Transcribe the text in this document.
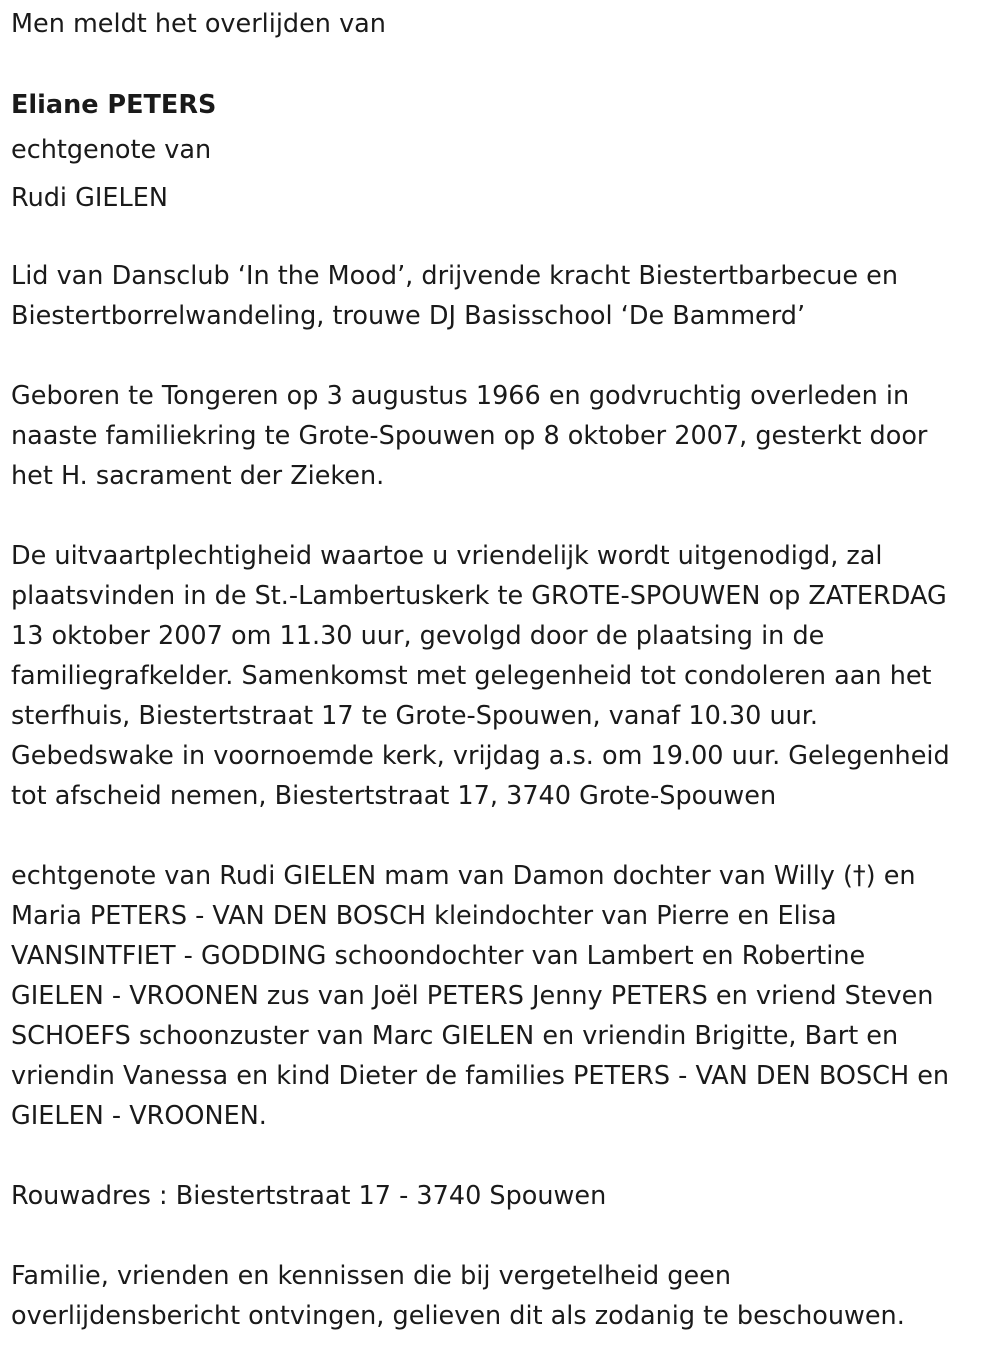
Men meldt het overlijden van

Eliane PETERS

echtgenote van

Rudi GIELEN

Lid van Dansclub ‘In the Mood’, drijvende kracht Biestertbarbecue en

Biestertborrelwandeling, trouwe DJ Basisschool ‘De Bammerd’

Geboren te Tongeren op 3 augustus 1966 en godvruchtig overleden in

naaste familiekring te Grote-Spouwen op 8 oktober 2007, gesterkt door

het H. sacrament der Zieken.

De uitvaartplechtigheid waartoe u vriendelijk wordt uitgenodigd, zal

plaatsvinden in de St.-Lambertuskerk te GROTE-SPOUWEN op ZATERDAG

13 oktober 2007 om 11.30 uur, gevolgd door de plaatsing in de

familiegrafkelder. Samenkomst met gelegenheid tot condoleren aan het

sterfhuis, Biestertstraat 17 te Grote-Spouwen, vanaf 10.30 uur.

Gebedswake in voornoemde kerk, vrijdag a.s. om 19.00 uur. Gelegenheid

tot afscheid nemen, Biestertstraat 17, 3740 Grote-Spouwen

echtgenote van Rudi GIELEN mam van Damon dochter van Willy (†) en

Maria PETERS - VAN DEN BOSCH kleindochter van Pierre en Elisa

VANSINTFIET - GODDING schoondochter van Lambert en Robertine

GIELEN - VROONEN zus van Joël PETERS Jenny PETERS en vriend Steven

SCHOEFS schoonzuster van Marc GIELEN en vriendin Brigitte, Bart en

vriendin Vanessa en kind Dieter de families PETERS - VAN DEN BOSCH en

GIELEN - VROONEN.

Rouwadres : Biestertstraat 17 - 3740 Spouwen

Familie, vrienden en kennissen die bij vergetelheid geen

overlijdensbericht ontvingen, gelieven dit als zodanig te beschouwen.
